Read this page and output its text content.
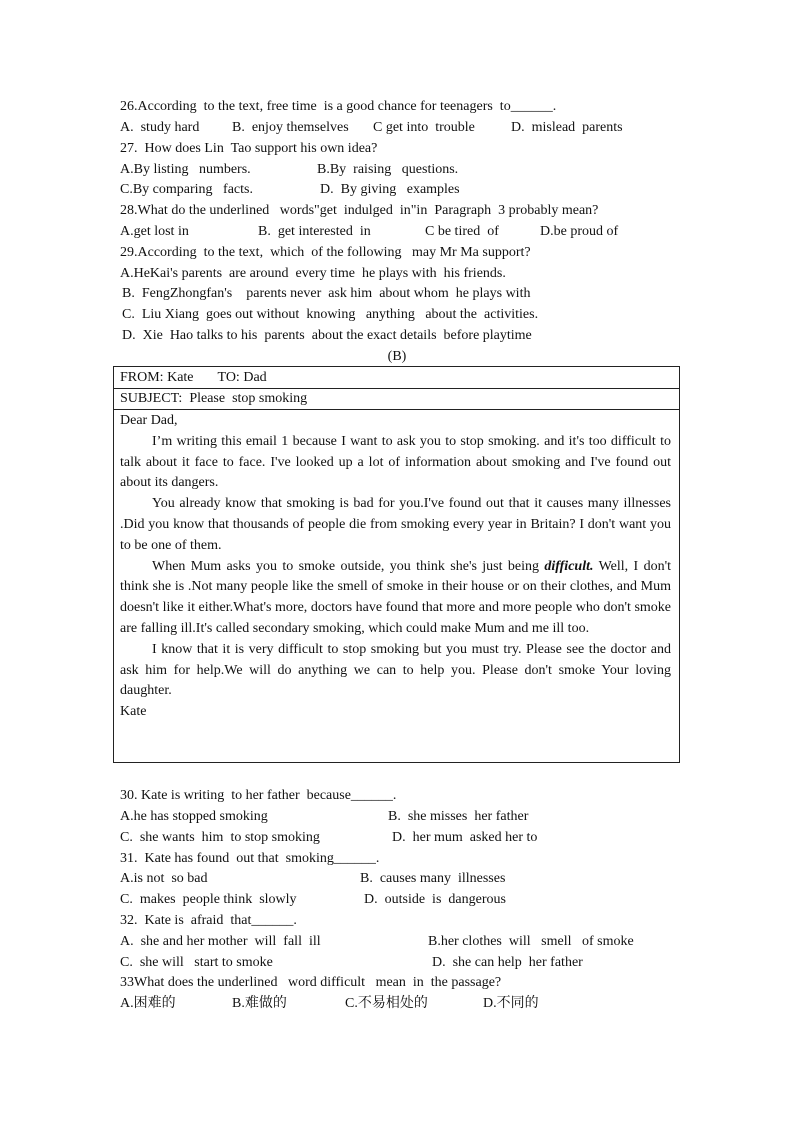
26.According  to the text, free time  is a good chance for teenagers  to______.
A.  study hard B.  enjoy themselves C get into  trouble	D.  mislead  parents
27.  How does Lin  Tao support his own idea?
A.By listing   numbers.	B.By  raising   questions.
C.By comparing   facts.	D.  By giving   examples
28.What do the underlined   words"get  indulged  in"in  Paragraph  3 probably mean?
A.get lost in	B.  get interested  in	C be tired  of	D.be proud of
29.According  to the text,  which  of the following   may Mr Ma support?
A.HeKai's parents  are around  every time  he plays with  his friends.
B.  FengZhongfan's    parents never  ask him  about whom  he plays with
C.  Liu Xiang  goes out without  knowing   anything   about the  activities.
D.  Xie  Hao talks to his  parents  about the exact details  before playtime
(B)
FROM: Kate TO: Dad
SUBJECT: Please  stop smoking

Dear Dad,

I’m writing this email 1 because I want to ask you to stop smoking. and it's too difficult to talk about it face to face. I've looked up a lot of information about smoking and I've found out about its dangers.

You already know that smoking is bad for you.I've found out that it causes many illnesses .Did you know that thousands of people die from smoking every year in Britain? I don't want you to be one of them.

When Mum asks you to smoke outside, you think she's just being difficult. Well, I don't think she is .Not many people like the smell of smoke in their house or on their clothes, and Mum doesn't like it either.What's more, doctors have found that more and more people who don't smoke are falling ill.It's called secondary smoking, which could make Mum and me ill too.

I know that it is very difficult to stop smoking but you must try. Please see the doctor and ask him for help.We will do anything we can to help you. Please don't smoke Your loving daughter.

Kate

30. Kate is writing  to her father  because______.
A.he has stopped smoking	B.  she misses  her father
C.  she wants  him  to stop smoking	D.  her mum  asked her to
31.  Kate has found  out that  smoking______.
A.is not  so bad	B.  causes many  illnesses
C.  makes  people think  slowly	D.  outside  is  dangerous
32.  Kate is  afraid  that______.
A.  she and her mother  will  fall  ill	B.her clothes  will   smell   of smoke
C.  she will   start to smoke	D.  she can help  her father
33What does the underlined   word difficult   mean  in  the passage?
A.困难的	B.难做的	C.不易相处的	D.不同的
